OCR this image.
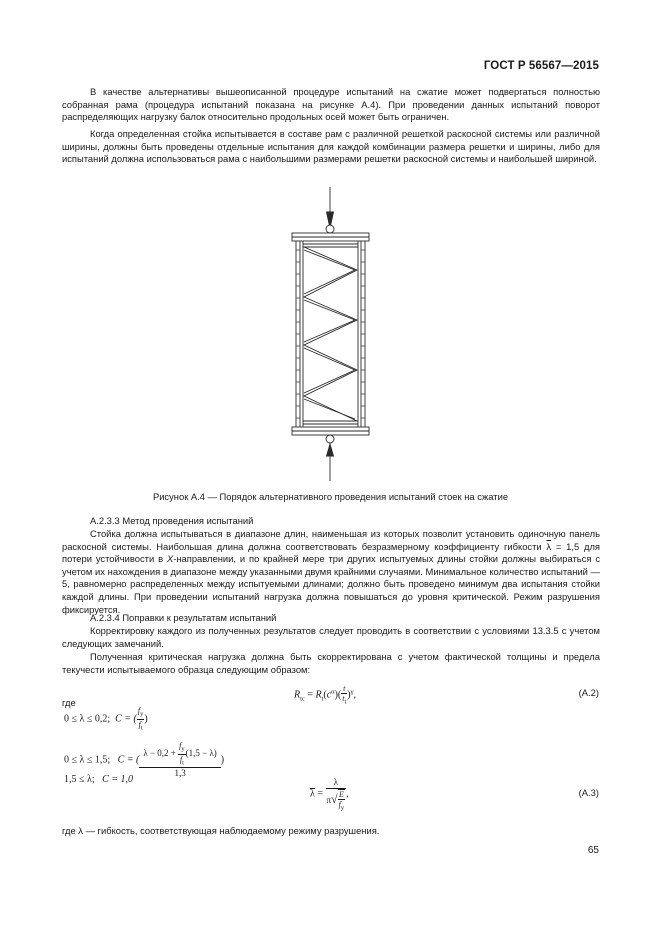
ГОСТ Р 56567—2015

В качестве альтернативы вышеописанной процедуре испытаний на сжатие может подвергаться полностью собранная рама (процедура испытаний показана на рисунке А.4). При проведении данных испытаний поворот распределяющих нагрузку балок относительно продольных осей может быть ограничен.

Когда определенная стойка испытывается в составе рам с различной решеткой раскосной системы или различной ширины, должны быть проведены отдельные испытания для каждой комбинации размера решетки и ширины, либо для испытаний должна использоваться рама с наибольшими размерами решетки раскосной системы и наибольшей шириной.

Рисунок А.4 — Порядок альтернативного проведения испытаний стоек на сжатие
А.2.3.3 Метод проведения испытаний

Стойка должна испытываться в диапазоне длин, наименьшая из которых позволит установить одиночную панель раскосной системы. Наибольшая длина должна соответствовать безразмерному коэффициенту гибкости $\overline{\lambda} = 1,5$ для потери устойчивости в X-направлении, и по крайней мере три других испытуемых длины стойки должны выбираться с учетом их нахождения в диапазоне между указанными двумя крайними случаями. Минимальное количество испытаний — 5, равномерно распределенных между испытуемыми длинами; должно быть проведено минимум два испытания стойки каждой длины. При проведении испытаний нагрузка должна повышаться до уровня критической. Режим разрушения фиксируется.

А.2.3.4 Поправки к результатам испытаний

Корректировку каждого из полученных результатов следует проводить в соответствии с условиями 13.3.5 с учетом следующих замечаний.

Полученная критическая нагрузка должна быть скорректирована с учетом фактической толщины и предела текучести испытываемого образца следующим образом:

$R_{tc} = R_t(c^\alpha)( \frac{t}{t_t} )^\gamma$,	(А.2)
где
0 ≤ λ ≤ 0,2; C = ( $\frac{f_y}{f_t}$ )
0 ≤ λ ≤ 1,5; C = ( $\frac{\lambda - 0,2 + \frac{f_y}{f_t} (1,5 - \lambda)}{1,3}$ )
1,5 ≤ λ; C = 1,0
$\overline{\lambda} = \frac{\lambda}{\pi√ \frac{E}{f_y}}$ ,	(А.3)
где λ — гибкость, соответствующая наблюдаемому режиму разрушения.
65
